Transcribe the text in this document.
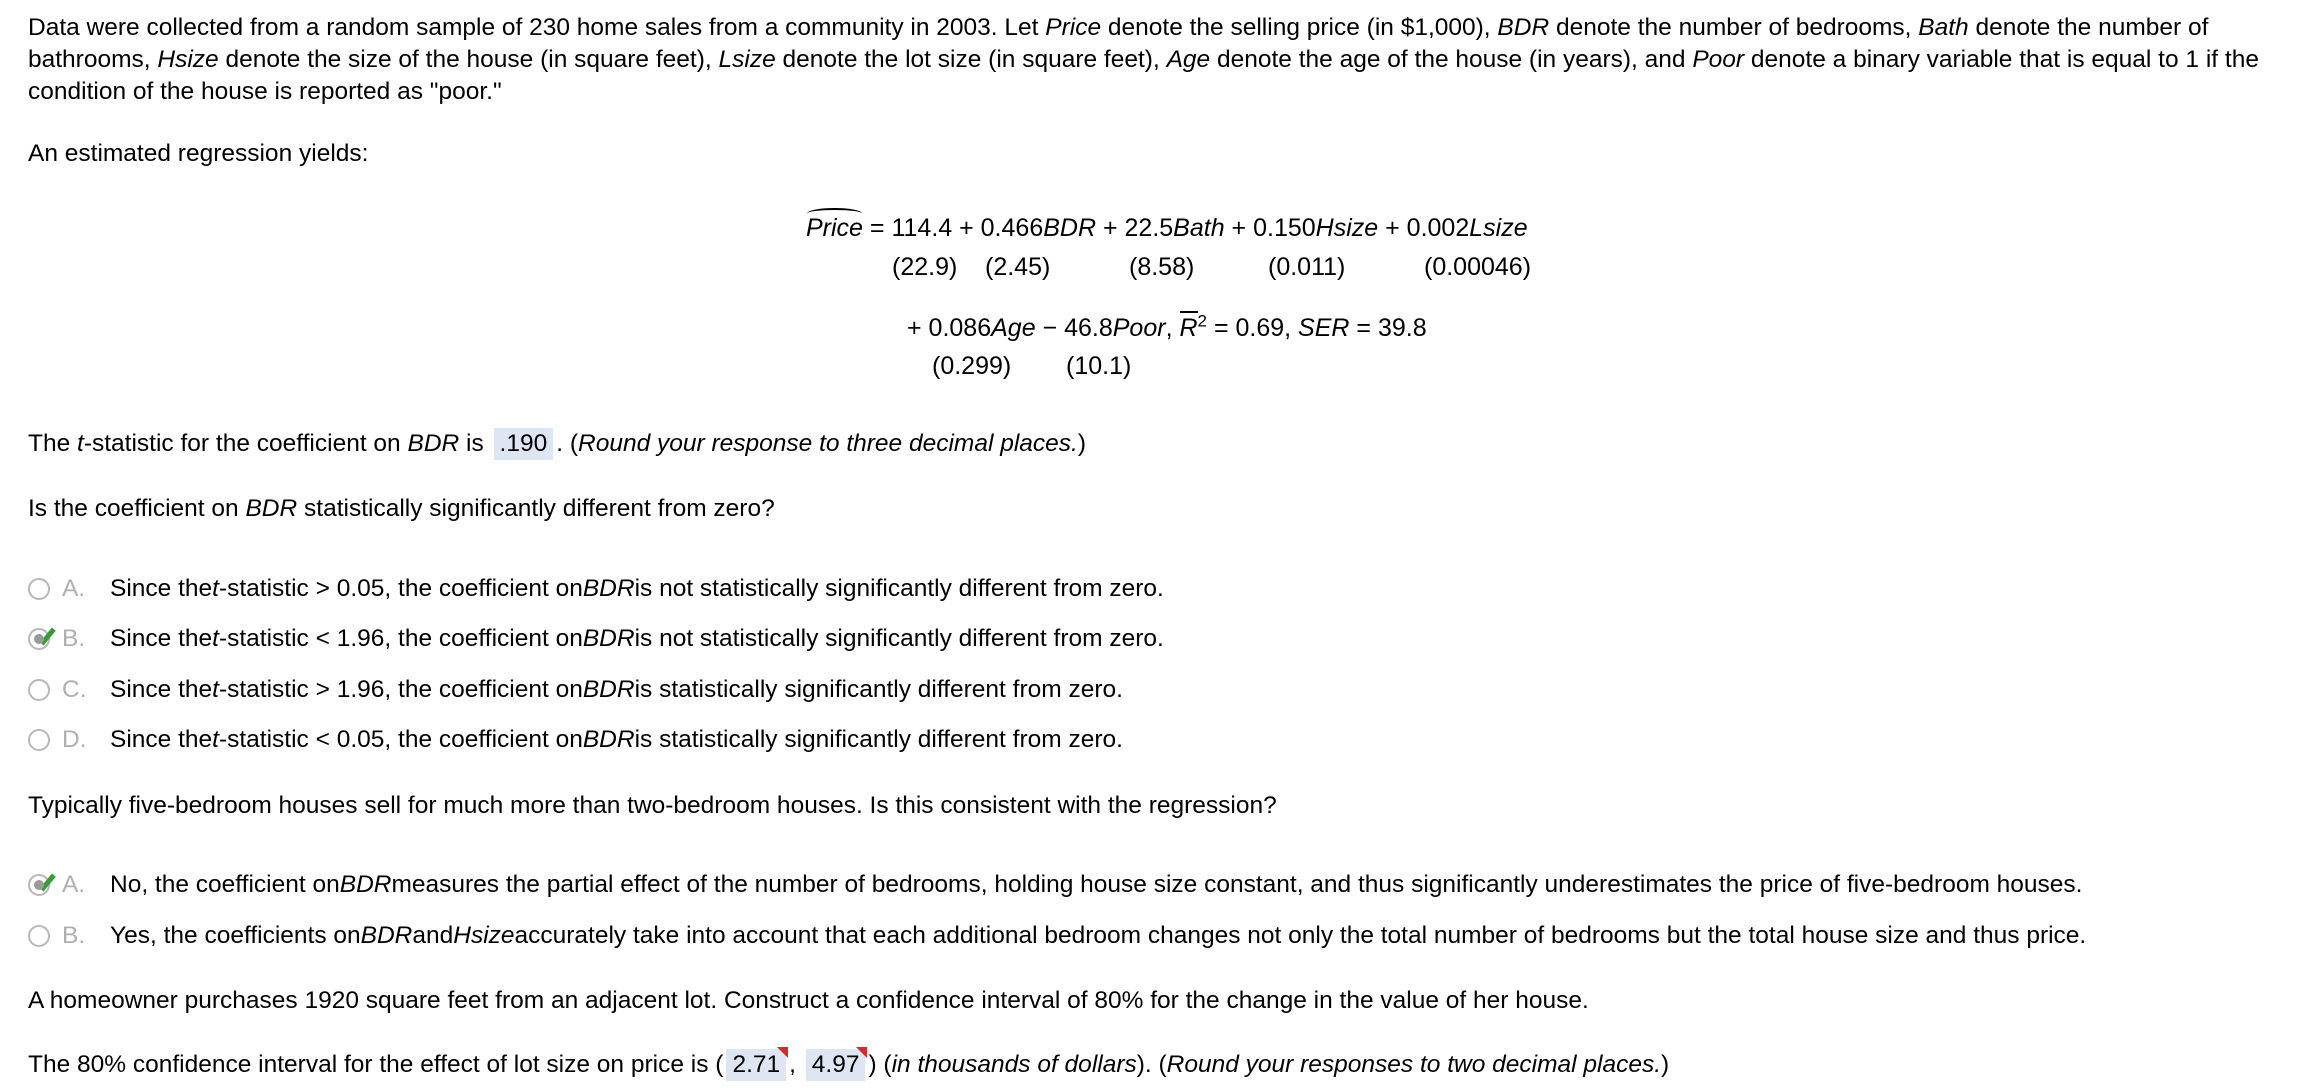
Data were collected from a random sample of 230 home sales from a community in 2003. Let Price denote the selling price (in $1,000), BDR denote the number of bedrooms, Bath denote the number of bathrooms, Hsize denote the size of the house (in square feet), Lsize denote the lot size (in square feet), Age denote the age of the house (in years), and Poor denote a binary variable that is equal to 1 if the condition of the house is reported as "poor."
An estimated regression yields:
Price = 114.4 + 0.466BDR + 22.5Bath + 0.150Hsize + 0.002Lsize
(22.9) (2.45)	(8.58)	(0.011)	(0.00046)
+ 0.086Age − 46.8Poor, $R^2 = 0.69$, SER = 39.8
(0.299) (10.1)
The t-statistic for the coefficient on BDR is .190 . (Round your response to three decimal places.)
Is the coefficient on BDR statistically significantly different from zero?
A.	Since the t -statistic > 0.05, the coefficient on BDR is not statistically significantly different from zero.
B.	Since the t -statistic < 1.96, the coefficient on BDR is not statistically significantly different from zero.
C. Since the t -statistic > 1.96, the coefficient on BDR is statistically significantly different from zero.
D. Since the t -statistic < 0.05, the coefficient on BDR is statistically significantly different from zero.
Typically five-bedroom houses sell for much more than two-bedroom houses. Is this consistent with the regression?
A.	No, the coefficient on BDR measures the partial effect of the number of bedrooms, holding house size constant, and thus significantly underestimates the price of five-bedroom houses.
B.	Yes, the coefficients on BDR and Hsize accurately take into account that each additional bedroom changes not only the total number of bedrooms but the total house size and thus price.
A homeowner purchases 1920 square feet from an adjacent lot. Construct a confidence interval of 80% for the change in the value of her house.
The 80% confidence interval for the effect of lot size on price is ( 2.71 , 4.97 ) (in thousands of dollars). (Round your responses to two decimal places.)
